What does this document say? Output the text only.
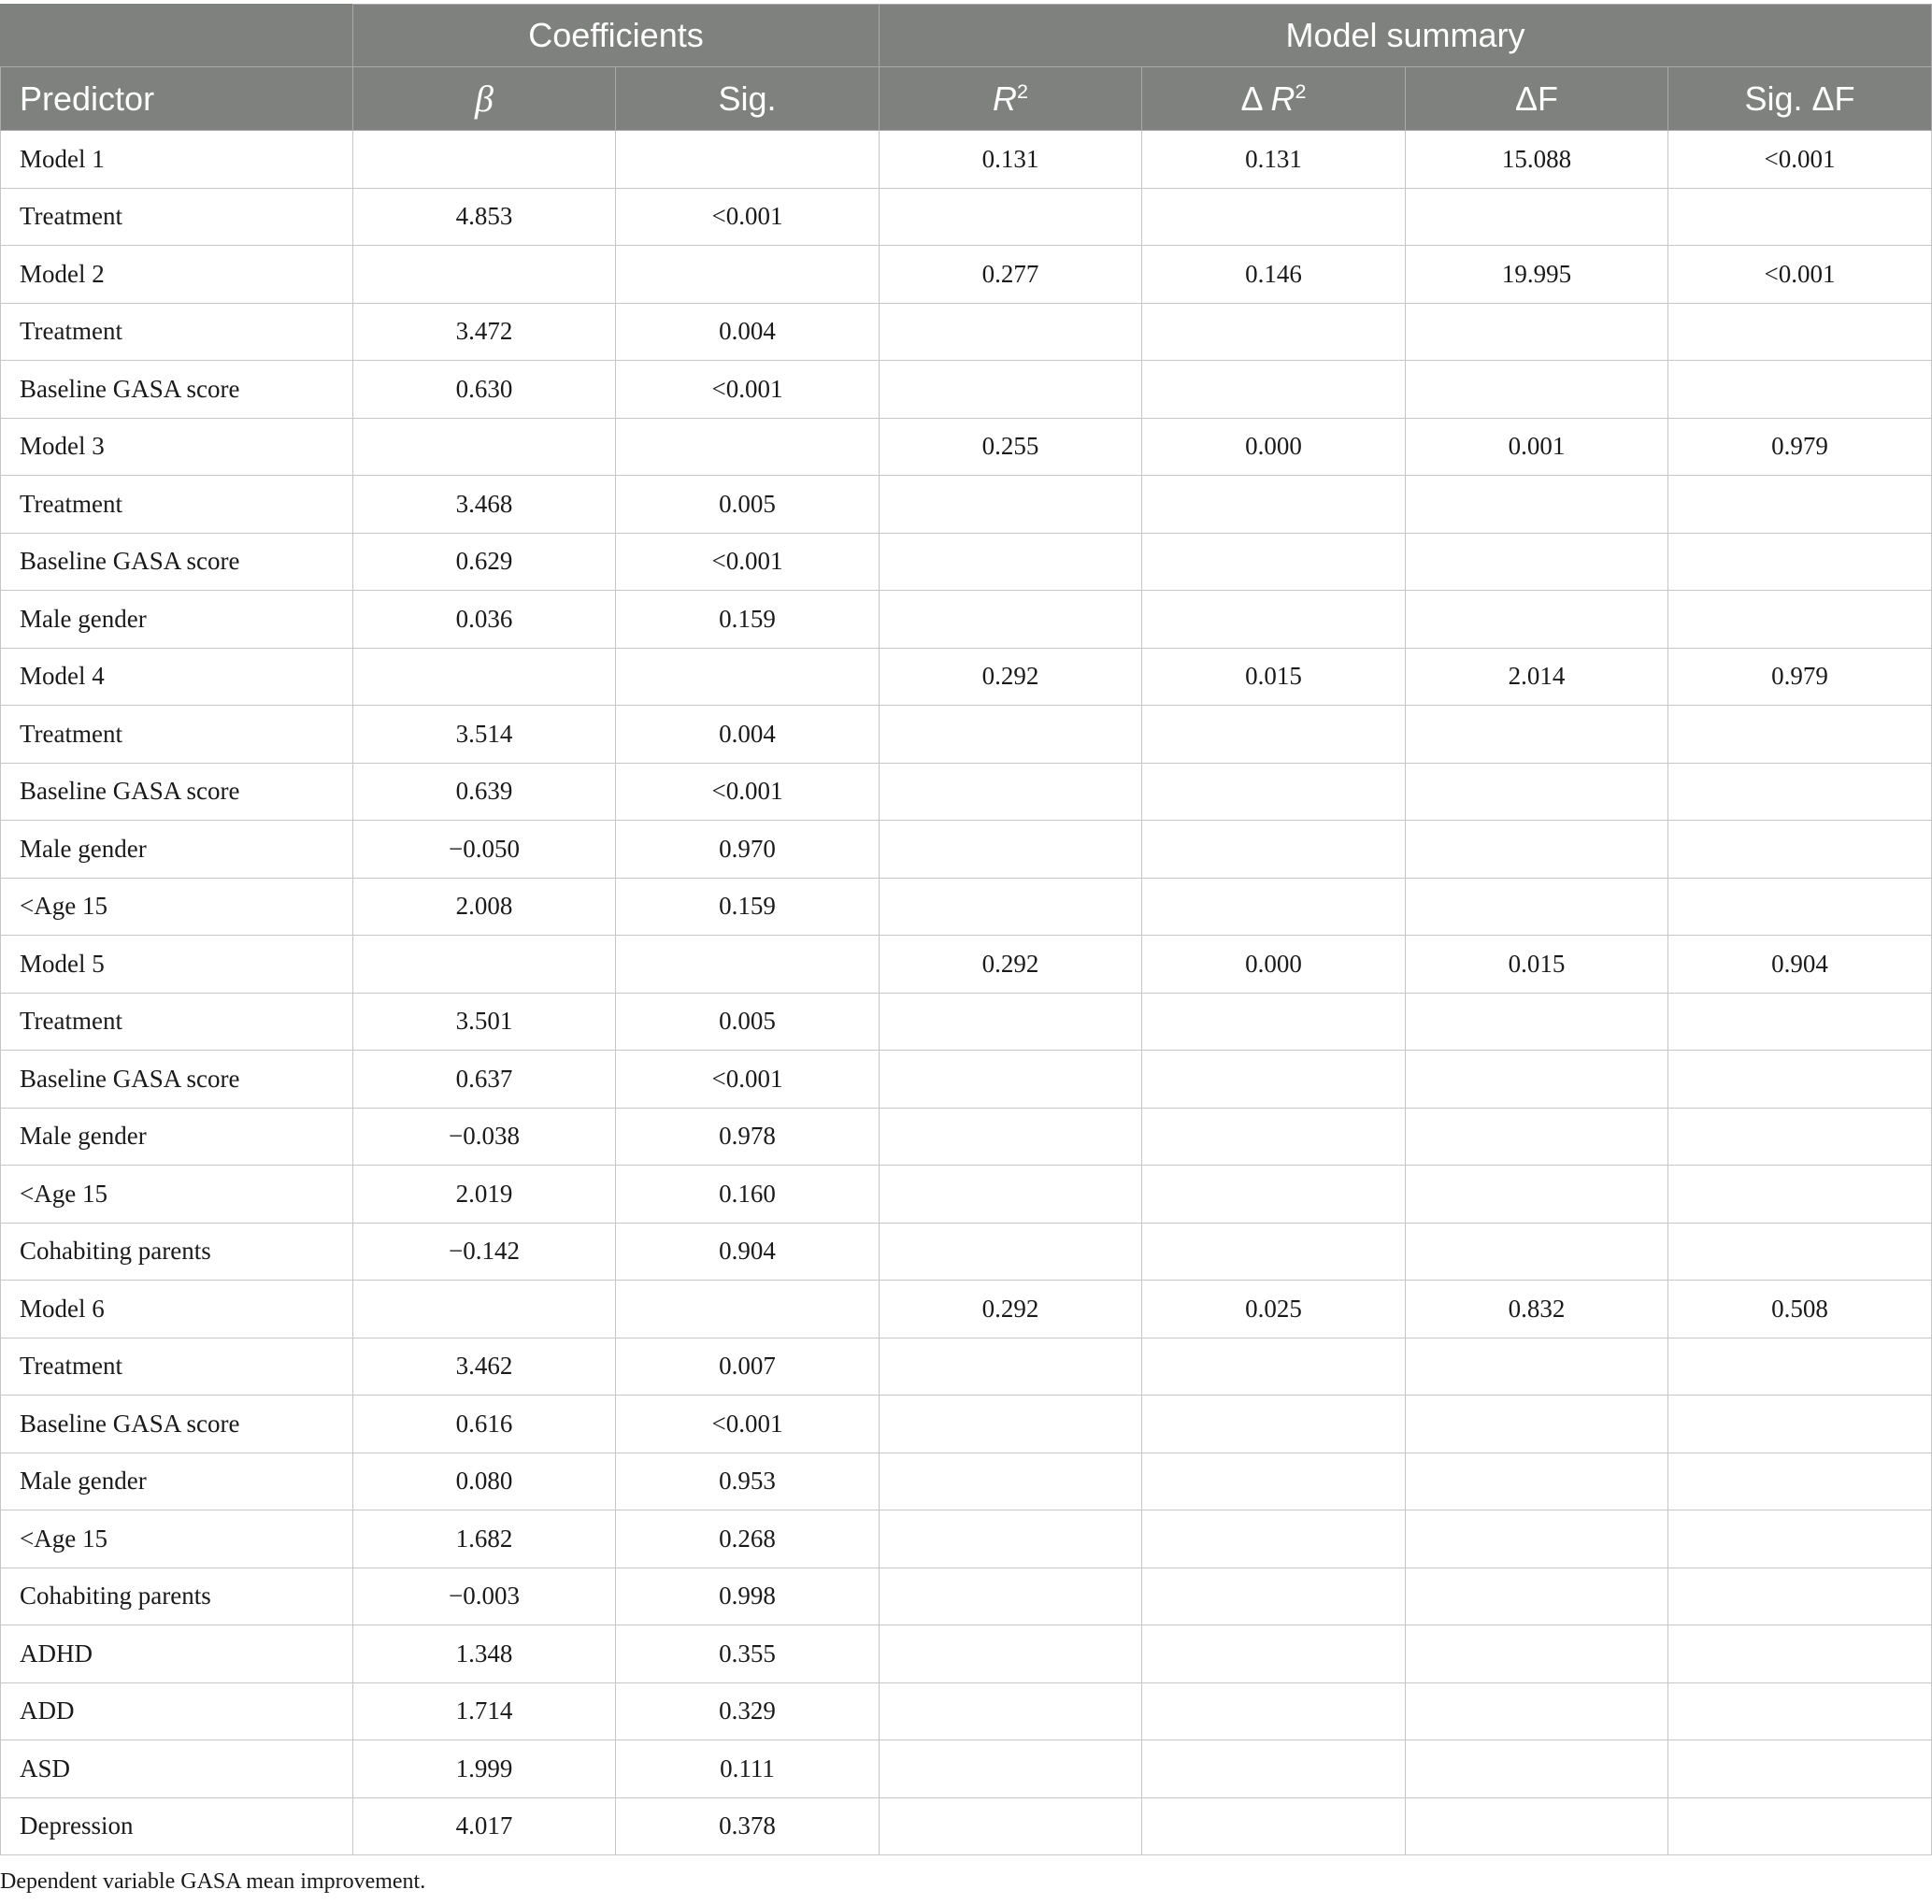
	Coefficients		Model summary			
Predictor	β	Sig.	$R^2$	Δ $R^2$	ΔF	Sig. ΔF
Model 1			0.131	0.131	15.088	<0.001
Treatment	4.853	<0.001				
Model 2			0.277	0.146	19.995	<0.001
Treatment	3.472	0.004				
Baseline GASA score	0.630	<0.001				
Model 3			0.255	0.000	0.001	0.979
Treatment	3.468	0.005				
Baseline GASA score	0.629	<0.001				
Male gender	0.036	0.159				
Model 4			0.292	0.015	2.014	0.979
Treatment	3.514	0.004				
Baseline GASA score	0.639	<0.001				
Male gender	−0.050	0.970				
<Age 15	2.008	0.159				
Model 5			0.292	0.000	0.015	0.904
Treatment	3.501	0.005				
Baseline GASA score	0.637	<0.001				
Male gender	−0.038	0.978				
<Age 15	2.019	0.160				
Cohabiting parents	−0.142	0.904				
Model 6			0.292	0.025	0.832	0.508
Treatment	3.462	0.007				
Baseline GASA score	0.616	<0.001				
Male gender	0.080	0.953				
<Age 15	1.682	0.268				
Cohabiting parents	−0.003	0.998				
ADHD	1.348	0.355				
ADD	1.714	0.329				
ASD	1.999	0.111				
Depression	4.017	0.378				
Dependent variable GASA mean improvement.
